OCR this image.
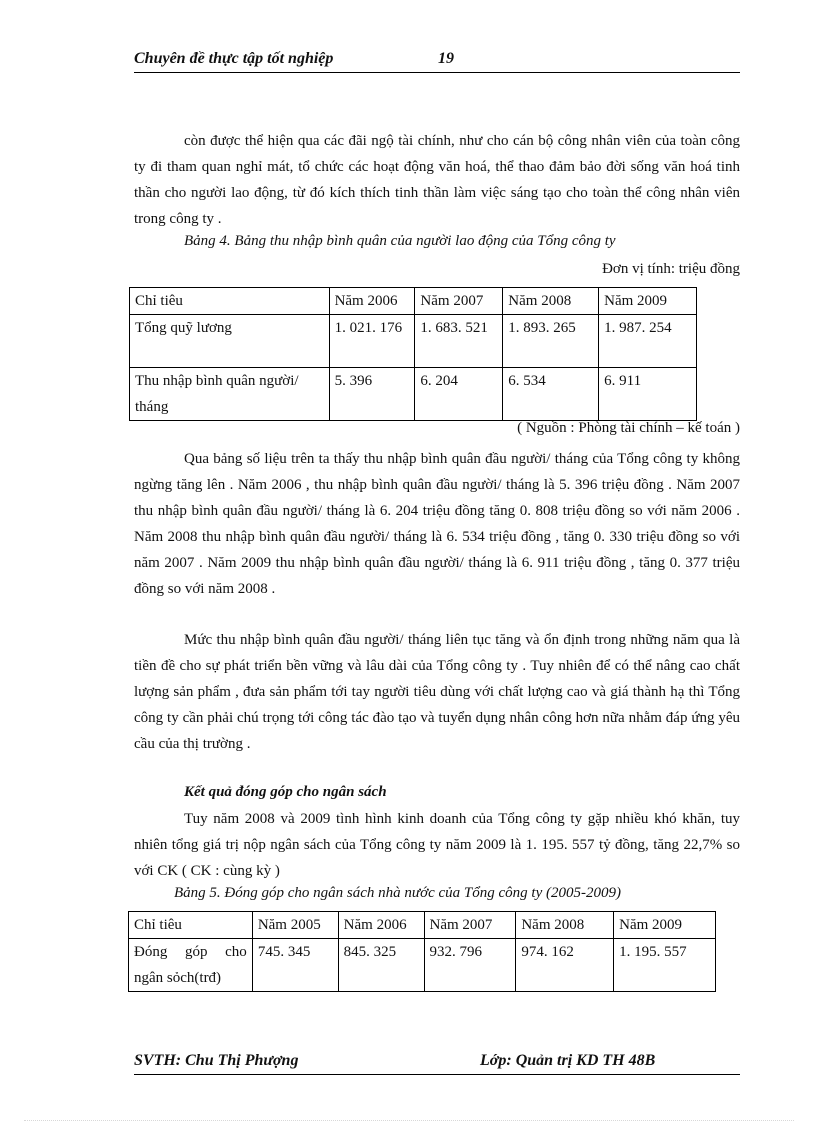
Chuyên đề thực tập tốt nghiệp	19

còn được thể hiện qua các đãi ngộ tài chính, như cho cán bộ công nhân viên của toàn công ty đi tham quan nghỉ mát, tổ chức các hoạt động văn hoá, thể thao đảm bảo đời sống văn hoá tinh thần cho người lao động, từ đó kích thích tinh thần làm việc sáng tạo cho toàn thể công nhân viên trong công ty .

Bảng 4. Bảng thu nhập bình quân của người lao động của Tổng công ty
Đơn vị tính: triệu đồng
Chỉ tiêu	Năm 2006	Năm 2007	Năm 2008	Năm 2009
Tổng quỹ lương	1. 021. 176	1. 683. 521	1. 893. 265	1. 987. 254
Thu nhập bình quân người/ tháng	5. 396	6. 204	6. 534	6. 911
( Nguồn : Phòng tài chính – kế toán )

Qua bảng số liệu trên ta thấy thu nhập bình quân đầu người/ tháng của Tổng công ty không ngừng tăng lên . Năm 2006 , thu nhập bình quân đầu người/ tháng là 5. 396 triệu đồng . Năm 2007 thu nhập bình quân đầu người/ tháng là 6. 204 triệu đồng tăng 0. 808 triệu đồng so với năm 2006 . Năm 2008 thu nhập bình quân đầu người/ tháng là 6. 534 triệu đồng , tăng 0. 330 triệu đồng so với năm 2007 . Năm 2009 thu nhập bình quân đầu người/ tháng là 6. 911 triệu đồng , tăng 0. 377 triệu đồng so với năm 2008 .

Mức thu nhập bình quân đầu người/ tháng liên tục tăng và ổn định trong những năm qua là tiền đề cho sự phát triển bền vững và lâu dài của Tổng công ty . Tuy nhiên để có thể nâng cao chất lượng sản phẩm , đưa sản phẩm tới tay người tiêu dùng với chất lượng cao và giá thành hạ thì Tổng công ty cần phải chú trọng tới công tác đào tạo và tuyển dụng nhân công hơn nữa nhằm đáp ứng yêu cầu của thị trường .

Kết quả đóng góp cho ngân sách

Tuy năm 2008 và 2009 tình hình kinh doanh của Tổng công ty gặp nhiều khó khăn, tuy nhiên tổng giá trị nộp ngân sách của Tổng công ty năm 2009 là 1. 195. 557 tỷ đồng, tăng 22,7% so với CK ( CK : cùng kỳ )

Bảng 5. Đóng góp cho ngân sách nhà nước của Tổng công ty (2005-2009)
Chỉ tiêu	Năm 2005	Năm 2006	Năm 2007	Năm 2008	Năm 2009
Đóng góp cho ngân sỏch(trđ)	745. 345	845. 325	932. 796	974. 162	1. 195. 557
SVTH: Chu Thị Phượng	Lớp: Quản trị KD TH 48B
